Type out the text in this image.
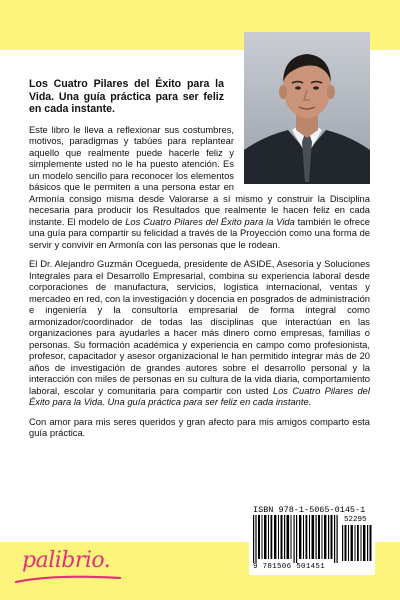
Los Cuatro Pilares del Éxito para la Vida. Una guía práctica para ser feliz en cada instante.

Este libro le lleva a reflexionar sus costumbres, motivos, paradigmas y tabúes para replantear aquello que realmente puede hacerle feliz y simplemente usted no le ha puesto atención. Es un modelo sencillo para reconocer los elementos básicos que le permiten a una persona estar en Armonía consigo misma desde Valorarse a sí mismo y construir la Disciplina necesaria para producir los Resultados que realmente le hacen feliz en cada instante. El modelo de Los Cuatro Pilares del Éxito para la Vida también le ofrece una guía para compartir su felicidad a través de la Proyección como una forma de servir y convivir en Armonía con las personas que le rodean.

El Dr. Alejandro Guzmán Ocegueda, presidente de ASIDE, Asesoría y Soluciones Integrales para el Desarrollo Empresarial, combina su experiencia laboral desde corporaciones de manufactura, servicios, logística internacional, ventas y mercadeo en red, con la investigación y docencia en posgrados de administración e ingeniería y la consultoría empresarial de forma integral como armonizador/coordinador de todas las disciplinas que interactúan en las organizaciones para ayudarles a hacer más dinero como empresas, familias o personas. Su formación académica y experiencia en campo como profesionista, profesor, capacitador y asesor organizacional le han permitido integrar más de 20 años de investigación de grandes autores sobre el desarrollo personal y la interacción con miles de personas en su cultura de la vida diaria, comportamiento laboral, escolar y comunitaria para compartir con usted Los Cuatro Pilares del Éxito para la Vida. Una guía práctica para ser feliz en cada instante.

Con amor para mis seres queridos y gran afecto para mis amigos comparto esta guía práctica.

ISBN 978-1-5065-0145-1
52295
9 781506 501451
palibrio.
